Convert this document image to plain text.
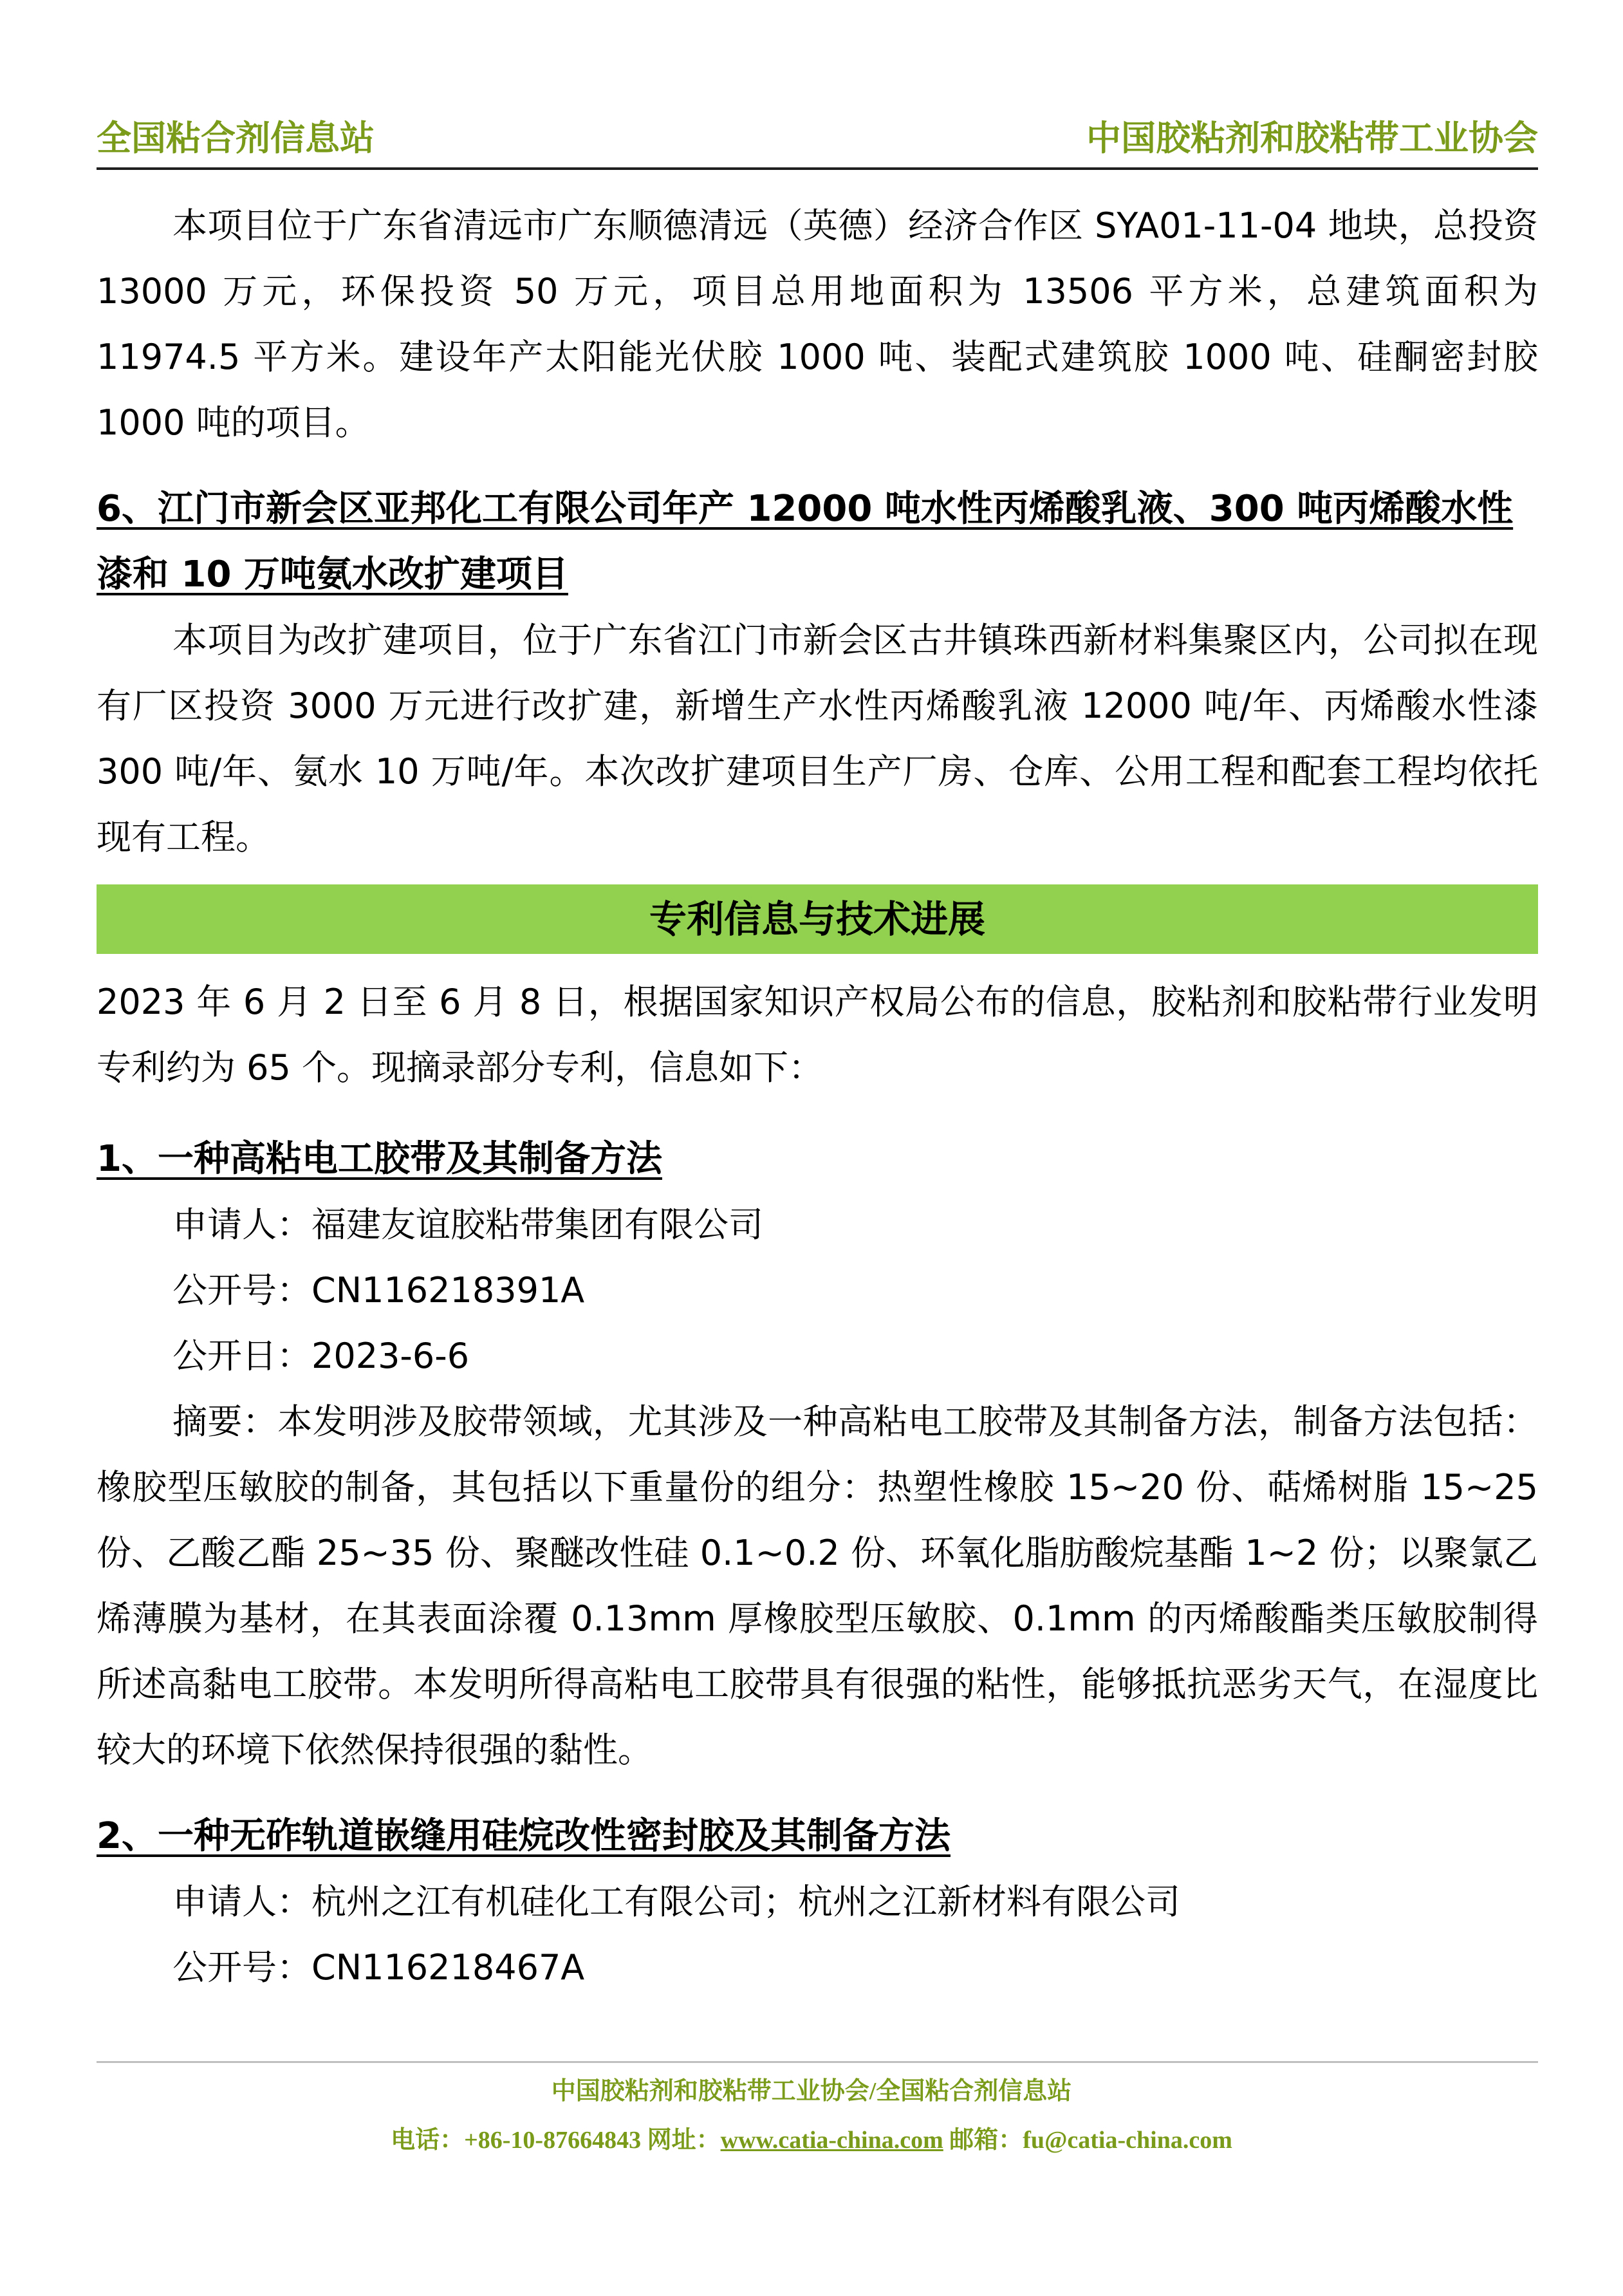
全国粘合剂信息站	中国胶粘剂和胶粘带工业协会

本项目位于广东省清远市广东顺德清远（英德）经济合作区 SYA01-11-04 地块，总投资 13000 万元，环保投资 50 万元，项目总用地面积为 13506 平方米，总建筑面积为 11974.5 平方米。建设年产太阳能光伏胶 1000 吨、装配式建筑胶 1000 吨、硅酮密封胶 1000 吨的项目。

6、江门市新会区亚邦化工有限公司年产 12000 吨水性丙烯酸乳液、300 吨丙烯酸水性漆和 10 万吨氨水改扩建项目

本项目为改扩建项目，位于广东省江门市新会区古井镇珠西新材料集聚区内，公司拟在现有厂区投资 3000 万元进行改扩建，新增生产水性丙烯酸乳液 12000 吨/年、丙烯酸水性漆 300 吨/年、氨水 10 万吨/年。本次改扩建项目生产厂房、仓库、公用工程和配套工程均依托现有工程。

专利信息与技术进展

2023 年 6 月 2 日至 6 月 8 日，根据国家知识产权局公布的信息，胶粘剂和胶粘带行业发明专利约为 65 个。现摘录部分专利，信息如下：

1、一种高粘电工胶带及其制备方法

申请人：福建友谊胶粘带集团有限公司

公开号：CN116218391A

公开日：2023-6-6

摘要：本发明涉及胶带领域，尤其涉及一种高粘电工胶带及其制备方法，制备方法包括：橡胶型压敏胶的制备，其包括以下重量份的组分：热塑性橡胶 15~20 份、萜烯树脂 15~25 份、乙酸乙酯 25~35 份、聚醚改性硅 0.1~0.2 份、环氧化脂肪酸烷基酯 1~2 份；以聚氯乙烯薄膜为基材，在其表面涂覆 0.13mm 厚橡胶型压敏胶、0.1mm 的丙烯酸酯类压敏胶制得所述高黏电工胶带。本发明所得高粘电工胶带具有很强的粘性，能够抵抗恶劣天气，在湿度比较大的环境下依然保持很强的黏性。

2、一种无砟轨道嵌缝用硅烷改性密封胶及其制备方法

申请人：杭州之江有机硅化工有限公司；杭州之江新材料有限公司

公开号：CN116218467A

中国胶粘剂和胶粘带工业协会/全国粘合剂信息站
电话：+86-10-87664843 网址：www.catia-china.com 邮箱：fu@catia-china.com
